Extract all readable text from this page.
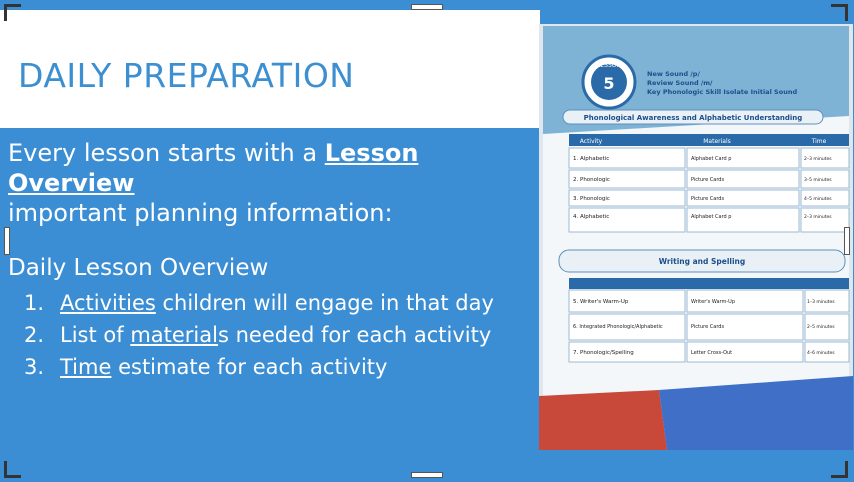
DAILY PREPARATION
Every lesson starts with a Lesson Overview
important planning information:
Daily Lesson Overview
1. Activities children will engage in that day
2. List of materials needed for each activity
3. Time estimate for each activity
LESSON
5	New Sound /p/
Review Sound /m/
Key Phonologic Skill Isolate Initial Sound
Phonological Awareness and Alphabetic Understanding
Activity	Materials	Time
1. Alphabetic	Alphabet Card p	2–3 minutes
2. Phonologic	Picture Cards	3–5 minutes
3. Phonologic	Picture Cards	4–5 minutes
4. Alphabetic	Alphabet Card p	2–3 minutes
Writing and Spelling
5. Writer's Warm-Up	Writer's Warm-Up	1–3 minutes
6. Integrated Phonologic/Alphabetic	Picture Cards	2–5 minutes
7. Phonologic/Spelling	Letter Cross-Out	4–6 minutes
